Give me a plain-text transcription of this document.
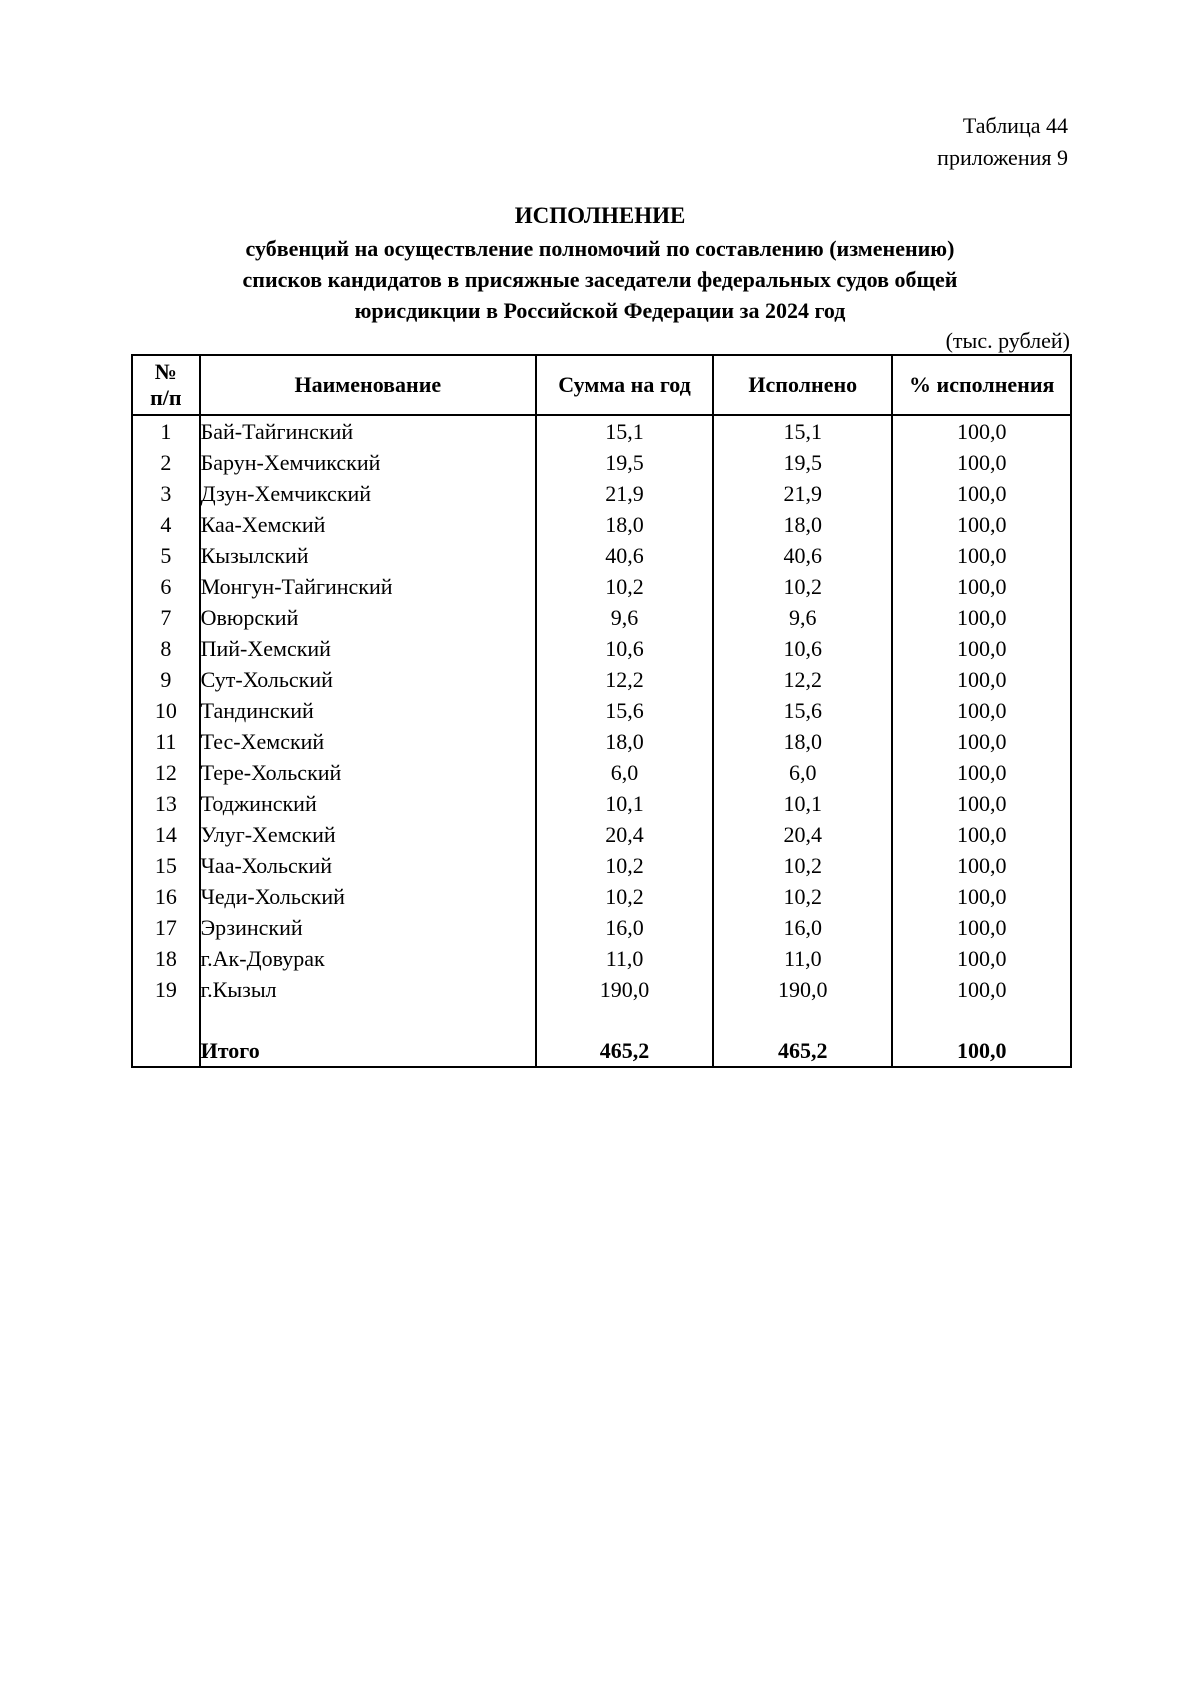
Таблица 44
приложения 9
ИСПОЛНЕНИЕ
субвенций на осуществление полномочий по составлению (изменению)
списков кандидатов в присяжные заседатели федеральных судов общей
юрисдикции в Российской Федерации за 2024 год
(тыс. рублей)
№
п/п	Наименование	Сумма на год	Исполнено	% исполнения
1	Бай-Тайгинский	15,1	15,1	100,0
2	Барун-Хемчикский	19,5	19,5	100,0
3	Дзун-Хемчикский	21,9	21,9	100,0
4	Каа-Хемский	18,0	18,0	100,0
5	Кызылский	40,6	40,6	100,0
6	Монгун-Тайгинский	10,2	10,2	100,0
7	Овюрский	9,6	9,6	100,0
8	Пий-Хемский	10,6	10,6	100,0
9	Сут-Хольский	12,2	12,2	100,0
10	Тандинский	15,6	15,6	100,0
11	Тес-Хемский	18,0	18,0	100,0
12	Тере-Хольский	6,0	6,0	100,0
13	Тоджинский	10,1	10,1	100,0
14	Улуг-Хемский	20,4	20,4	100,0
15	Чаа-Хольский	10,2	10,2	100,0
16	Чеди-Хольский	10,2	10,2	100,0
17	Эрзинский	16,0	16,0	100,0
18	г.Ак-Довурак	11,0	11,0	100,0
19	г.Кызыл	190,0	190,0	100,0

	Итого	465,2	465,2	100,0
